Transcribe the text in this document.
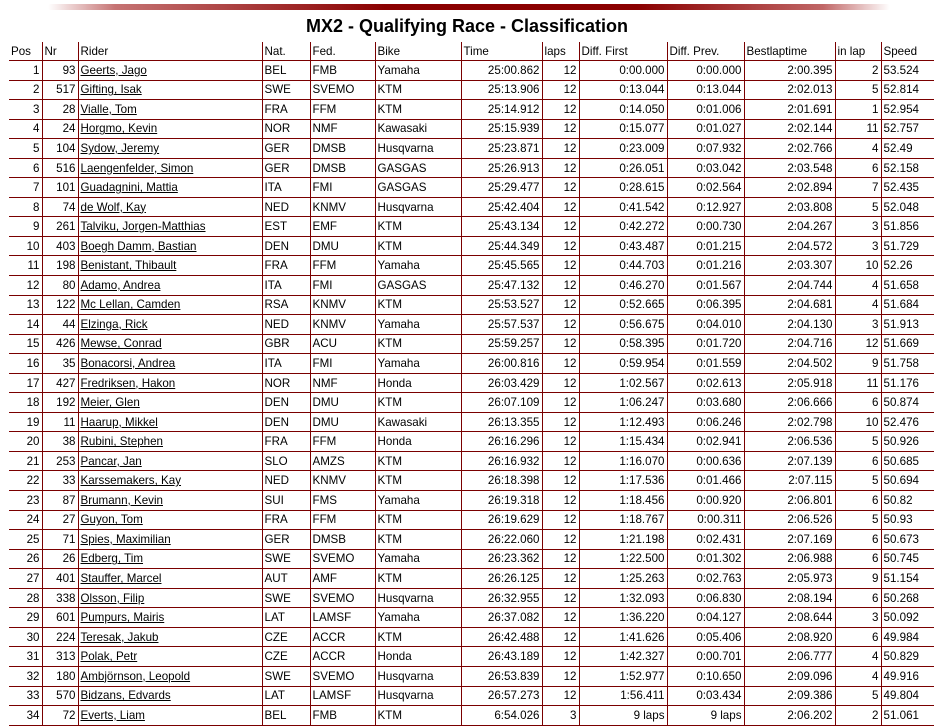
MX2 - Qualifying Race - Classification
Pos	Nr	Rider	Nat.	Fed.	Bike	Time	laps	Diff. First	Diff. Prev.	Bestlaptime	in lap	Speed
1	93	Geerts, Jago	BEL	FMB	Yamaha	25:00.862	12	0:00.000	0:00.000	2:00.395	2	53.524
2	517	Gifting, Isak	SWE	SVEMO	KTM	25:13.906	12	0:13.044	0:13.044	2:02.013	5	52.814
3	28	Vialle, Tom	FRA	FFM	KTM	25:14.912	12	0:14.050	0:01.006	2:01.691	1	52.954
4	24	Horgmo, Kevin	NOR	NMF	Kawasaki	25:15.939	12	0:15.077	0:01.027	2:02.144	11	52.757
5	104	Sydow, Jeremy	GER	DMSB	Husqvarna	25:23.871	12	0:23.009	0:07.932	2:02.766	4	52.49
6	516	Laengenfelder, Simon	GER	DMSB	GASGAS	25:26.913	12	0:26.051	0:03.042	2:03.548	6	52.158
7	101	Guadagnini, Mattia	ITA	FMI	GASGAS	25:29.477	12	0:28.615	0:02.564	2:02.894	7	52.435
8	74	de Wolf, Kay	NED	KNMV	Husqvarna	25:42.404	12	0:41.542	0:12.927	2:03.808	5	52.048
9	261	Talviku, Jorgen-Matthias	EST	EMF	KTM	25:43.134	12	0:42.272	0:00.730	2:04.267	3	51.856
10	403	Boegh Damm, Bastian	DEN	DMU	KTM	25:44.349	12	0:43.487	0:01.215	2:04.572	3	51.729
11	198	Benistant, Thibault	FRA	FFM	Yamaha	25:45.565	12	0:44.703	0:01.216	2:03.307	10	52.26
12	80	Adamo, Andrea	ITA	FMI	GASGAS	25:47.132	12	0:46.270	0:01.567	2:04.744	4	51.658
13	122	Mc Lellan, Camden	RSA	KNMV	KTM	25:53.527	12	0:52.665	0:06.395	2:04.681	4	51.684
14	44	Elzinga, Rick	NED	KNMV	Yamaha	25:57.537	12	0:56.675	0:04.010	2:04.130	3	51.913
15	426	Mewse, Conrad	GBR	ACU	KTM	25:59.257	12	0:58.395	0:01.720	2:04.716	12	51.669
16	35	Bonacorsi, Andrea	ITA	FMI	Yamaha	26:00.816	12	0:59.954	0:01.559	2:04.502	9	51.758
17	427	Fredriksen, Hakon	NOR	NMF	Honda	26:03.429	12	1:02.567	0:02.613	2:05.918	11	51.176
18	192	Meier, Glen	DEN	DMU	KTM	26:07.109	12	1:06.247	0:03.680	2:06.666	6	50.874
19	11	Haarup, Mikkel	DEN	DMU	Kawasaki	26:13.355	12	1:12.493	0:06.246	2:02.798	10	52.476
20	38	Rubini, Stephen	FRA	FFM	Honda	26:16.296	12	1:15.434	0:02.941	2:06.536	5	50.926
21	253	Pancar, Jan	SLO	AMZS	KTM	26:16.932	12	1:16.070	0:00.636	2:07.139	6	50.685
22	33	Karssemakers, Kay	NED	KNMV	KTM	26:18.398	12	1:17.536	0:01.466	2:07.115	5	50.694
23	87	Brumann, Kevin	SUI	FMS	Yamaha	26:19.318	12	1:18.456	0:00.920	2:06.801	6	50.82
24	27	Guyon, Tom	FRA	FFM	KTM	26:19.629	12	1:18.767	0:00.311	2:06.526	5	50.93
25	71	Spies, Maximilian	GER	DMSB	KTM	26:22.060	12	1:21.198	0:02.431	2:07.169	6	50.673
26	26	Edberg, Tim	SWE	SVEMO	Yamaha	26:23.362	12	1:22.500	0:01.302	2:06.988	6	50.745
27	401	Stauffer, Marcel	AUT	AMF	KTM	26:26.125	12	1:25.263	0:02.763	2:05.973	9	51.154
28	338	Olsson, Filip	SWE	SVEMO	Husqvarna	26:32.955	12	1:32.093	0:06.830	2:08.194	6	50.268
29	601	Pumpurs, Mairis	LAT	LAMSF	Yamaha	26:37.082	12	1:36.220	0:04.127	2:08.644	3	50.092
30	224	Teresak, Jakub	CZE	ACCR	KTM	26:42.488	12	1:41.626	0:05.406	2:08.920	6	49.984
31	313	Polak, Petr	CZE	ACCR	Honda	26:43.189	12	1:42.327	0:00.701	2:06.777	4	50.829
32	180	Ambjörnson, Leopold	SWE	SVEMO	Husqvarna	26:53.839	12	1:52.977	0:10.650	2:09.096	4	49.916
33	570	Bidzans, Edvards	LAT	LAMSF	Husqvarna	26:57.273	12	1:56.411	0:03.434	2:09.386	5	49.804
34	72	Everts, Liam	BEL	FMB	KTM	6:54.026	3	9 laps	9 laps	2:06.202	2	51.061
